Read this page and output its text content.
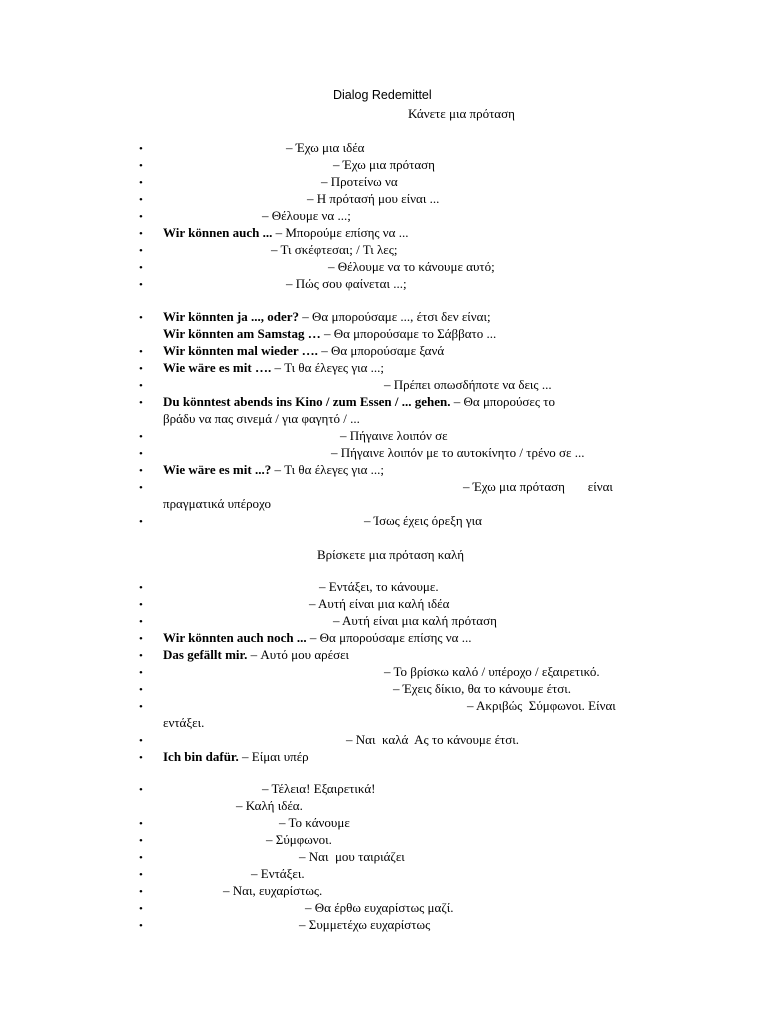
Dialog Redemittel
Κάνετε μια πρόταση
•	– Έχω μια ιδέα
•	– Έχω μια πρόταση
•	– Προτείνω να
•	– Η πρότασή μου είναι ...
•	– Θέλουμε να ...;
• Wir können auch ... – Μπορούμε επίσης να ...
•	– Τι σκέφτεσαι; / Τι λες;
•	– Θέλουμε να το κάνουμε αυτό;
•	– Πώς σου φαίνεται ...;
• Wir könnten ja ..., oder? – Θα μπορούσαμε ..., έτσι δεν είναι;
Wir könnten am Samstag … – Θα μπορούσαμε το Σάββατο ...
• Wir könnten mal wieder …. – Θα μπορούσαμε ξανά
• Wie wäre es mit …. – Τι θα έλεγες για ...;
•	– Πρέπει οπωσδήποτε να δεις ...
• Du könntest abends ins Kino / zum Essen / ... gehen. – Θα μπορούσες το
βράδυ να πας σινεμά / για φαγητό / ...
•	– Πήγαινε λοιπόν σε
•	– Πήγαινε λοιπόν με το αυτοκίνητο / τρένο σε ...
• Wie wäre es mit ...? – Τι θα έλεγες για ...;
•	– Έχω μια πρόταση       είναι
πραγματικά υπέροχο
•	– Ίσως έχεις όρεξη για
Βρίσκετε μια πρόταση καλή
•	– Εντάξει, το κάνουμε.
•	– Αυτή είναι μια καλή ιδέα
•	– Αυτή είναι μια καλή πρόταση
• Wir könnten auch noch ... – Θα μπορούσαμε επίσης να ...
• Das gefällt mir. – Αυτό μου αρέσει
•	– Το βρίσκω καλό / υπέροχο / εξαιρετικό.
•	– Έχεις δίκιο, θα το κάνουμε έτσι.
•	– Ακριβώς  Σύμφωνοι. Είναι
εντάξει.
•	– Ναι  καλά  Ας το κάνουμε έτσι.
• Ich bin dafür. – Είμαι υπέρ
•	– Τέλεια! Εξαιρετικά!
– Καλή ιδέα.
•	– Το κάνουμε
•	– Σύμφωνοι.
•	– Ναι  μου ταιριάζει
•	– Εντάξει.
•	– Ναι, ευχαρίστως.
•	– Θα έρθω ευχαρίστως μαζί.
•	– Συμμετέχω ευχαρίστως
